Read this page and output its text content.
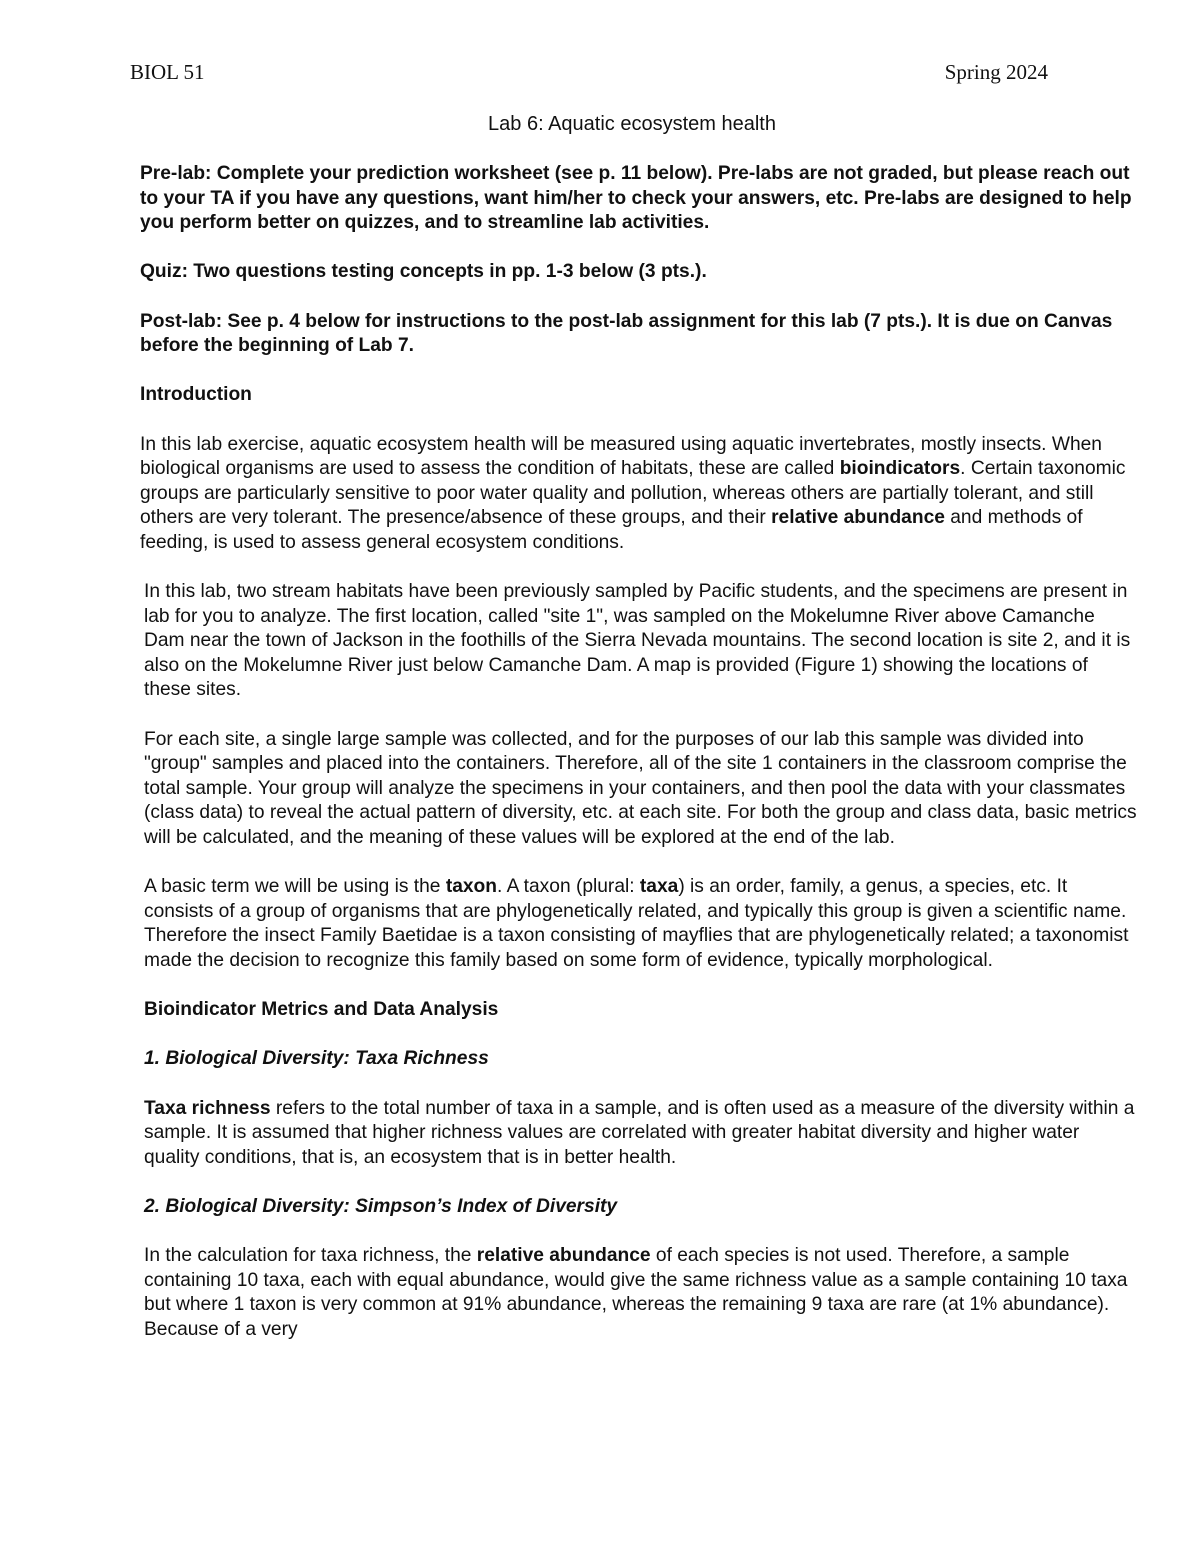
BIOL 51	Spring 2024
Lab 6: Aquatic ecosystem health

Pre-lab: Complete your prediction worksheet (see p. 11 below). Pre-labs are not graded, but please reach out to your TA if you have any questions, want him/her to check your answers, etc. Pre-labs are designed to help you perform better on quizzes, and to streamline lab activities.

Quiz: Two questions testing concepts in pp. 1-3 below (3 pts.).

Post-lab: See p. 4 below for instructions to the post-lab assignment for this lab (7 pts.). It is due on Canvas before the beginning of Lab 7.

Introduction

In this lab exercise, aquatic ecosystem health will be measured using aquatic invertebrates, mostly insects. When biological organisms are used to assess the condition of habitats, these are called bioindicators. Certain taxonomic groups are particularly sensitive to poor water quality and pollution, whereas others are partially tolerant, and still others are very tolerant. The presence/absence of these groups, and their relative abundance and methods of feeding, is used to assess general ecosystem conditions.

In this lab, two stream habitats have been previously sampled by Pacific students, and the specimens are present in lab for you to analyze. The first location, called "site 1", was sampled on the Mokelumne River above Camanche Dam near the town of Jackson in the foothills of the Sierra Nevada mountains. The second location is site 2, and it is also on the Mokelumne River just below Camanche Dam. A map is provided (Figure 1) showing the locations of these sites.

For each site, a single large sample was collected, and for the purposes of our lab this sample was divided into "group" samples and placed into the containers. Therefore, all of the site 1 containers in the classroom comprise the total sample. Your group will analyze the specimens in your containers, and then pool the data with your classmates (class data) to reveal the actual pattern of diversity, etc. at each site. For both the group and class data, basic metrics will be calculated, and the meaning of these values will be explored at the end of the lab.

A basic term we will be using is the taxon. A taxon (plural: taxa) is an order, family, a genus, a species, etc. It consists of a group of organisms that are phylogenetically related, and typically this group is given a scientific name. Therefore the insect Family Baetidae is a taxon consisting of mayflies that are phylogenetically related; a taxonomist made the decision to recognize this family based on some form of evidence, typically morphological.

Bioindicator Metrics and Data Analysis

1. Biological Diversity: Taxa Richness

Taxa richness refers to the total number of taxa in a sample, and is often used as a measure of the diversity within a sample. It is assumed that higher richness values are correlated with greater habitat diversity and higher water quality conditions, that is, an ecosystem that is in better health.

2. Biological Diversity: Simpson’s Index of Diversity

In the calculation for taxa richness, the relative abundance of each species is not used. Therefore, a sample containing 10 taxa, each with equal abundance, would give the same richness value as a sample containing 10 taxa but where 1 taxon is very common at 91% abundance, whereas the remaining 9 taxa are rare (at 1% abundance). Because of a very
